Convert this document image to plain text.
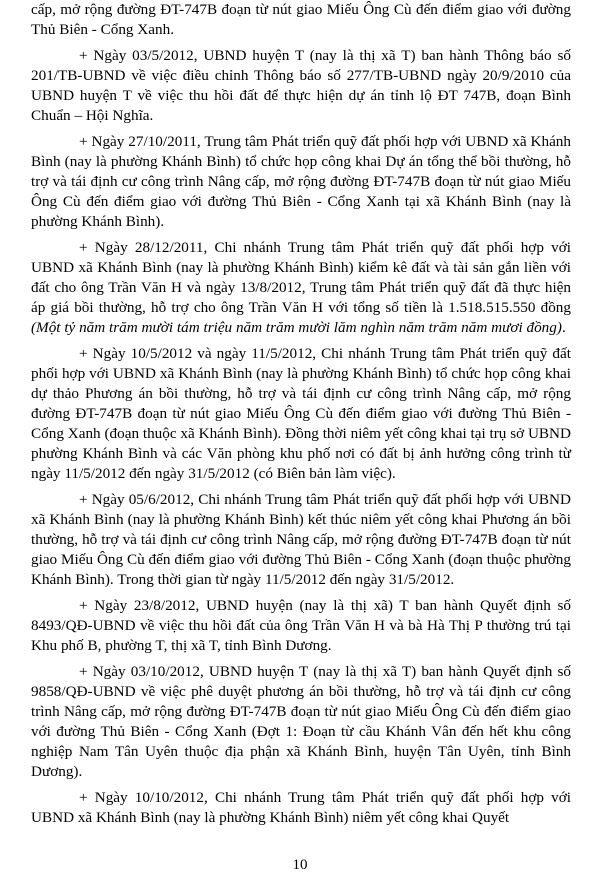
cấp, mở rộng đường ĐT-747B đoạn từ nút giao Miếu Ông Cù đến điểm giao với đường Thủ Biên - Cổng Xanh.

+ Ngày 03/5/2012, UBND huyện T (nay là thị xã T) ban hành Thông báo số 201/TB-UBND về việc điều chỉnh Thông báo số 277/TB-UBND ngày 20/9/2010 của UBND huyện T về việc thu hồi đất để thực hiện dự án tỉnh lộ ĐT 747B, đoạn Bình Chuẩn – Hội Nghĩa.

+ Ngày 27/10/2011, Trung tâm Phát triển quỹ đất phối hợp với UBND xã Khánh Bình (nay là phường Khánh Bình) tổ chức họp công khai Dự án tổng thể bồi thường, hỗ trợ và tái định cư công trình Nâng cấp, mở rộng đường ĐT-747B đoạn từ nút giao Miếu Ông Cù đến điểm giao với đường Thủ Biên - Cổng Xanh tại xã Khánh Bình (nay là phường Khánh Bình).

+ Ngày 28/12/2011, Chi nhánh Trung tâm Phát triển quỹ đất phối hợp với UBND xã Khánh Bình (nay là phường Khánh Bình) kiểm kê đất và tài sản gắn liền với đất cho ông Trần Văn H và ngày 13/8/2012, Trung tâm Phát triển quỹ đất đã thực hiện áp giá bồi thường, hỗ trợ cho ông Trần Văn H với tổng số tiền là 1.518.515.550 đồng (Một tỷ năm trăm mười tám triệu năm trăm mười lăm nghìn năm trăm năm mươi đồng).

+ Ngày 10/5/2012 và ngày 11/5/2012, Chi nhánh Trung tâm Phát triển quỹ đất phối hợp với UBND xã Khánh Bình (nay là phường Khánh Bình) tổ chức họp công khai dự thảo Phương án bồi thường, hỗ trợ và tái định cư công trình Nâng cấp, mở rộng đường ĐT-747B đoạn từ nút giao Miếu Ông Cù đến điểm giao với đường Thủ Biên - Cổng Xanh (đoạn thuộc xã Khánh Bình). Đồng thời niêm yết công khai tại trụ sở UBND phường Khánh Bình và các Văn phòng khu phố nơi có đất bị ảnh hưởng công trình từ ngày 11/5/2012 đến ngày 31/5/2012 (có Biên bản làm việc).

+ Ngày 05/6/2012, Chi nhánh Trung tâm Phát triển quỹ đất phối hợp với UBND xã Khánh Bình (nay là phường Khánh Bình) kết thúc niêm yết công khai Phương án bồi thường, hỗ trợ và tái định cư công trình Nâng cấp, mở rộng đường ĐT-747B đoạn từ nút giao Miếu Ông Cù đến điểm giao với đường Thủ Biên - Cổng Xanh (đoạn thuộc phường Khánh Bình). Trong thời gian từ ngày 11/5/2012 đến ngày 31/5/2012.

+ Ngày 23/8/2012, UBND huyện (nay là thị xã) T ban hành Quyết định số 8493/QĐ-UBND về việc thu hồi đất của ông Trần Văn H và bà Hà Thị P thường trú tại Khu phố B, phường T, thị xã T, tỉnh Bình Dương.

+ Ngày 03/10/2012, UBND huyện T (nay là thị xã T) ban hành Quyết định số 9858/QĐ-UBND về việc phê duyệt phương án bồi thường, hỗ trợ và tái định cư công trình Nâng cấp, mở rộng đường ĐT-747B đoạn từ nút giao Miếu Ông Cù đến điểm giao với đường Thủ Biên - Cổng Xanh (Đợt 1: Đoạn từ cầu Khánh Vân đến hết khu công nghiệp Nam Tân Uyên thuộc địa phận xã Khánh Bình, huyện Tân Uyên, tỉnh Bình Dương).

+ Ngày 10/10/2012, Chi nhánh Trung tâm Phát triển quỹ đất phối hợp với UBND xã Khánh Bình (nay là phường Khánh Bình) niêm yết công khai Quyết

10
